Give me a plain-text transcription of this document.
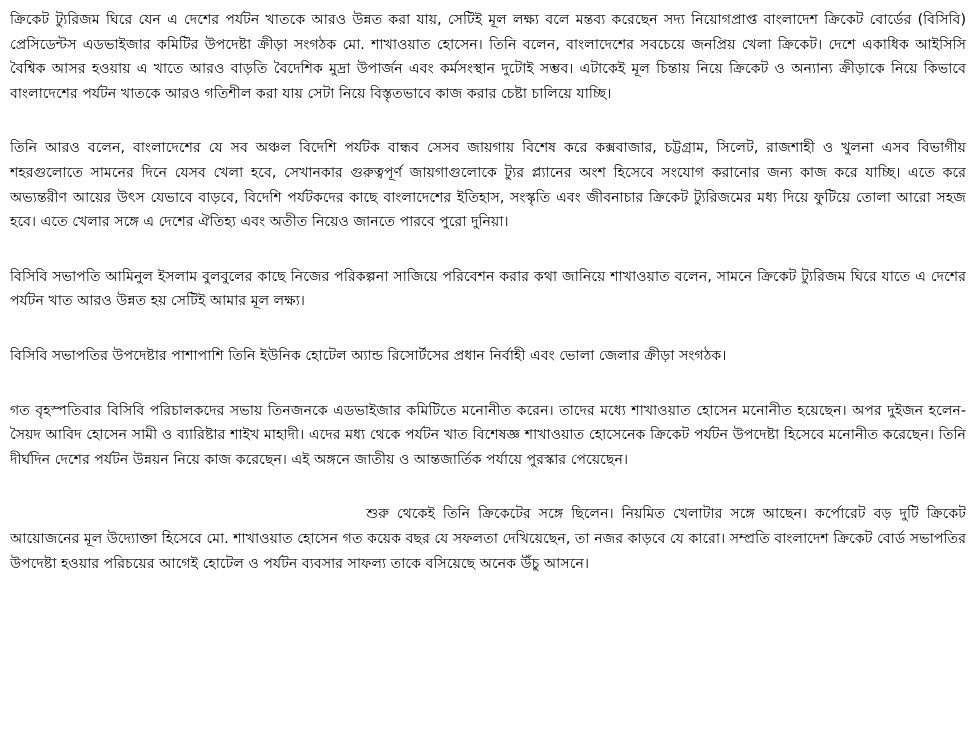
ক্রিকেট ট্যুরিজম ঘিরে যেন এ দেশের পর্যটন খাতকে আরও উন্নত করা যায়, সেটিই মূল লক্ষ্য বলে মন্তব্য করেছেন সদ্য নিয়োগপ্রাপ্ত বাংলাদেশ ক্রিকেট বোর্ডের (বিসিবি) প্রেসিডেন্টস এডভাইজার কমিটির উপদেষ্টা ক্রীড়া সংগঠক মো. শাখাওয়াত হোসেন। তিনি বলেন, বাংলাদেশের সবচেয়ে জনপ্রিয় খেলা ক্রিকেট। দেশে একাধিক আইসিসি বৈশ্বিক আসর হওয়ায় এ খাতে আরও বাড়তি বৈদেশিক মুদ্রা উপার্জন এবং কর্মসংস্থান দুটোই সম্ভব। এটাকেই মূল চিন্তায় নিয়ে ক্রিকেট ও অন্যান্য ক্রীড়াকে নিয়ে কিভাবে বাংলাদেশের পর্যটন খাতকে আরও গতিশীল করা যায় সেটা নিয়ে বিস্তৃতভাবে কাজ করার চেষ্টা চালিয়ে যাচ্ছি।

তিনি আরও বলেন, বাংলাদেশের যে সব অঞ্চল বিদেশি পর্যটক বান্ধব সেসব জায়গায় বিশেষ করে কক্সবাজার, চট্টগ্রাম, সিলেট, রাজশাহী ও খুলনা এসব বিভাগীয় শহরগুলোতে সামনের দিনে যেসব খেলা হবে, সেখানকার গুরুত্বপূর্ণ জায়গাগুলোকে ট্যুর প্ল্যানের অংশ হিসেবে সংযোগ করানোর জন্য কাজ করে যাচ্ছি। এতে করে অভ্যন্তরীণ আয়ের উৎস যেভাবে বাড়বে, বিদেশি পর্যটকদের কাছে বাংলাদেশের ইতিহাস, সংস্কৃতি এবং জীবনাচার ক্রিকেট ট্যুরিজমের মধ্য দিয়ে ফুটিয়ে তোলা আরো সহজ হবে। এতে খেলার সঙ্গে এ দেশের ঐতিহ্য এবং অতীত নিয়েও জানতে পারবে পুরো দুনিয়া।

বিসিবি সভাপতি আমিনুল ইসলাম বুলবুলের কাছে নিজের পরিকল্পনা সাজিয়ে পরিবেশন করার কথা জানিয়ে শাখাওয়াত বলেন, সামনে ক্রিকেট ট্যুরিজম ঘিরে যাতে এ দেশের পর্যটন খাত আরও উন্নত হয় সেটিই আমার মূল লক্ষ্য।

বিসিবি সভাপতির উপদেষ্টার পাশাপাশি তিনি ইউনিক হোটেল অ্যান্ড রিসোর্টসের প্রধান নির্বাহী এবং ভোলা জেলার ক্রীড়া সংগঠক।

গত বৃহস্পতিবার বিসিবি পরিচালকদের সভায় তিনজনকে এডভাইজার কমিটিতে মনোনীত করেন। তাদের মধ্যে শাখাওয়াত হোসেন মনোনীত হয়েছেন। অপর দুইজন হলেন- সৈয়দ আবিদ হোসেন সামী ও ব্যারিষ্টার শাইখ মাহাদী। এদের মধ্য থেকে পর্যটন খাত বিশেষজ্ঞ শাখাওয়াত হোসেনেক ক্রিকেট পর্যটন উপদেষ্টা হিসেবে মনোনীত করেছেন। তিনি দীর্ঘদিন দেশের পর্যটন উন্নয়ন নিয়ে কাজ করেছেন। এই অঙ্গনে জাতীয় ও আন্তজার্তিক পর্যায়ে পুরস্কার পেয়েছেন।

শুরু থেকেই তিনি ক্রিকেটের সঙ্গে ছিলেন। নিয়মিত খেলাটার সঙ্গে আছেন। কর্পোরেট বড় দুটি ক্রিকেট আয়োজনের মূল উদ্যোক্তা হিসেবে মো. শাখাওয়াত হোসেন গত কয়েক বছর যে সফলতা দেখিয়েছেন, তা নজর কাড়বে যে কারো। সম্প্রতি বাংলাদেশ ক্রিকেট বোর্ড সভাপতির উপদেষ্টা হওয়ার পরিচয়ের আগেই হোটেল ও পর্যটন ব্যবসার সাফল্য তাকে বসিয়েছে অনেক উঁচু আসনে।
